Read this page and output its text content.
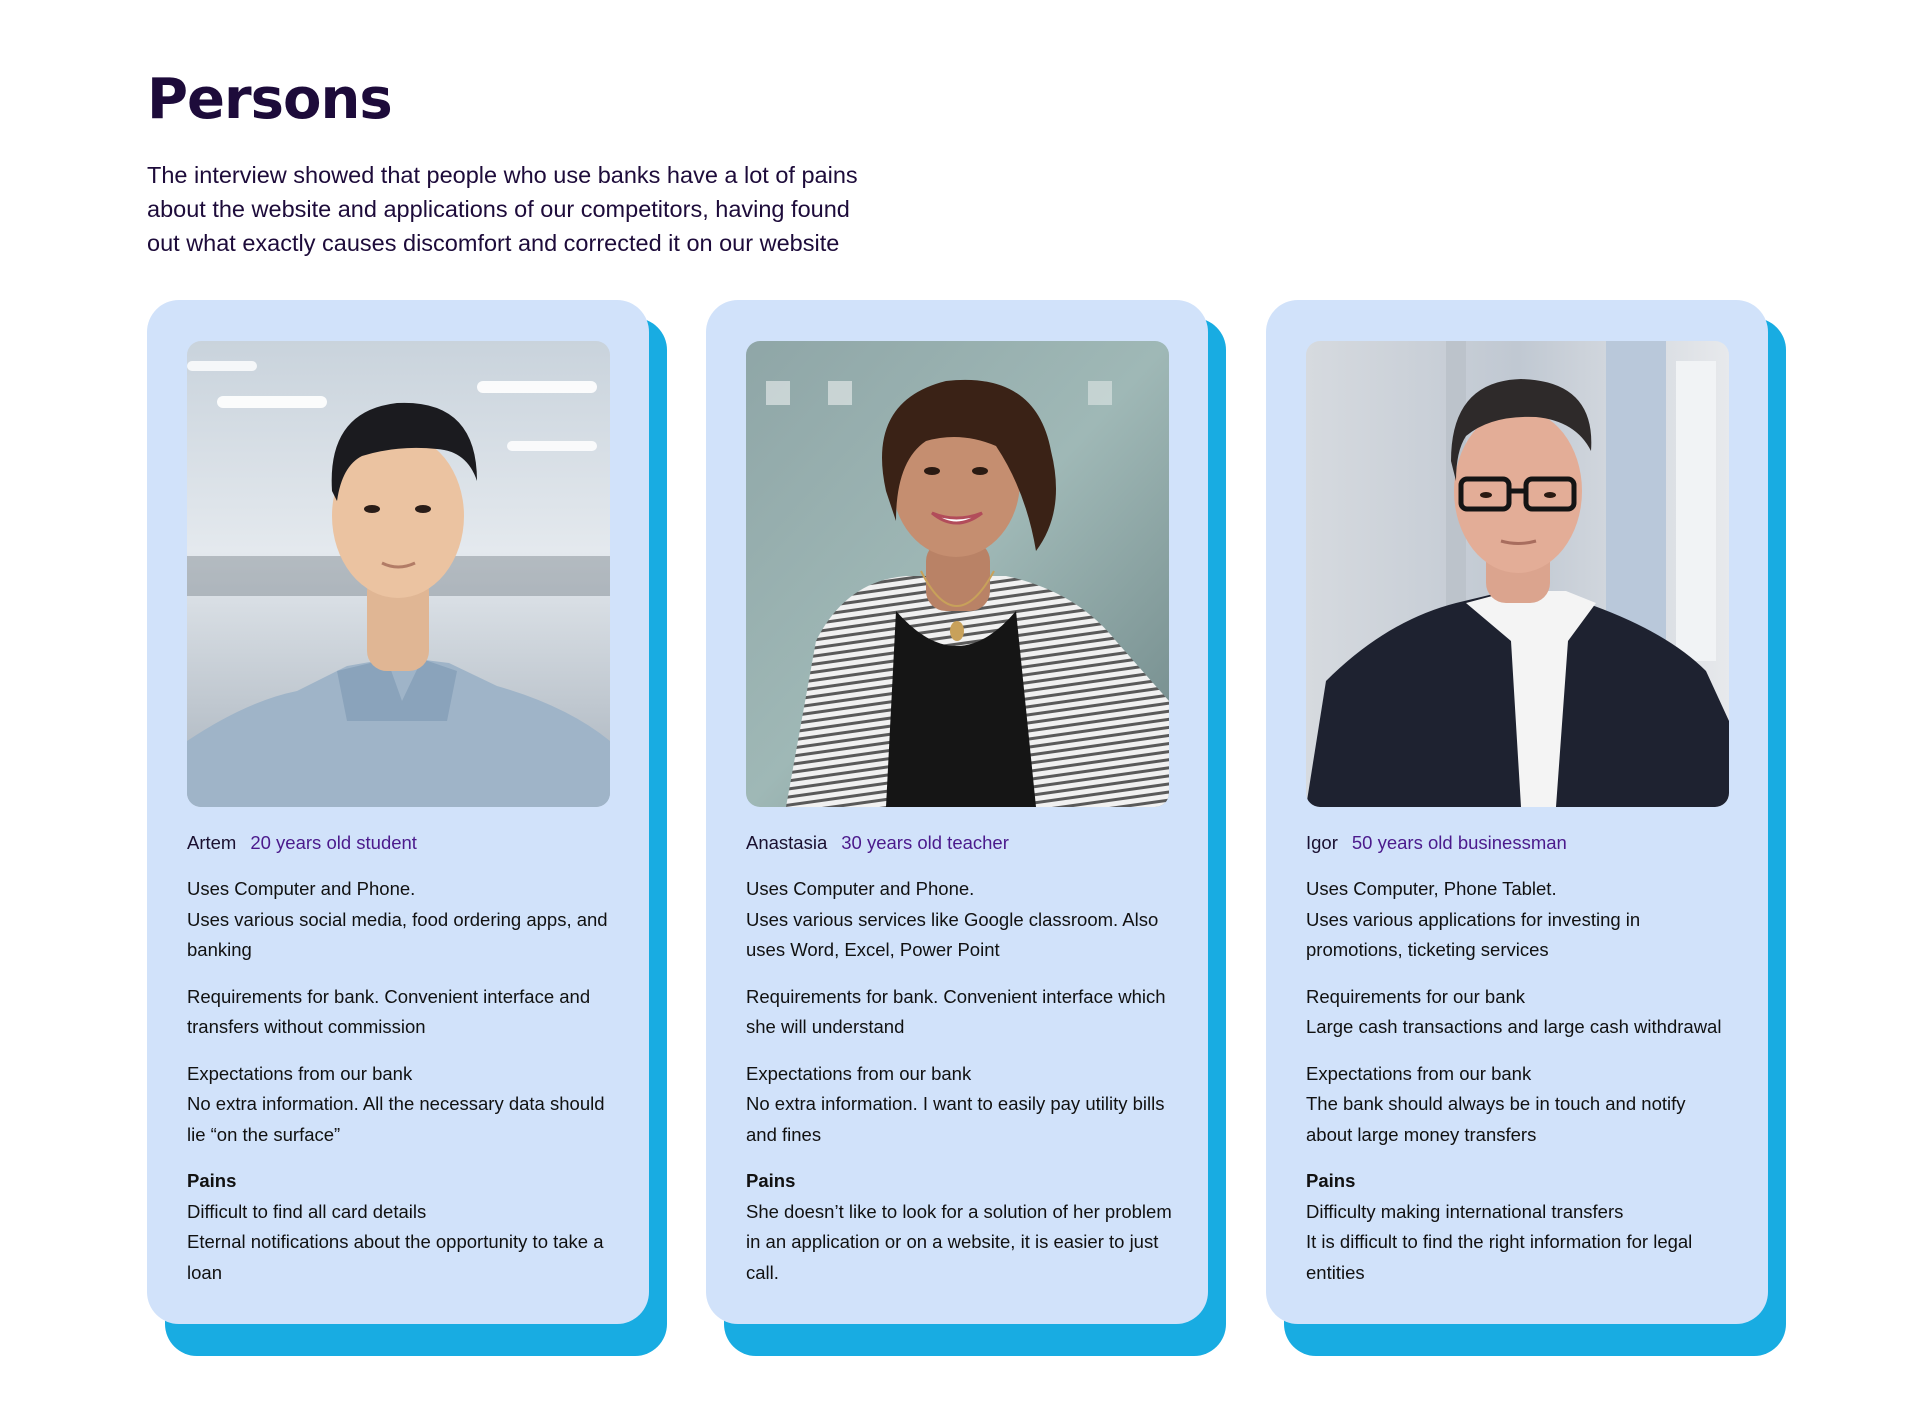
Persons

The interview showed that people who use banks have a lot of pains about the website and applications of our competitors, having found out what exactly causes discomfort and corrected it on our website

Artem 20 years old student

Uses Computer and Phone.

Uses various social media, food ordering apps, and banking

Requirements for bank. Convenient interface and transfers without commission

Expectations from our bank

No extra information. All the necessary data should lie “on the surface”

Pains

Difficult to find all card details

Eternal notifications about the opportunity to take a loan

Anastasia 30 years old teacher

Uses Computer and Phone.

Uses various services like Google classroom. Also uses Word, Excel, Power Point

Requirements for bank. Convenient interface which she will understand

Expectations from our bank

No extra information. I want to easily pay utility bills and fines

Pains

She doesn’t like to look for a solution of her problem in an application or on a website, it is easier to just call.

Igor 50 years old businessman

Uses Computer, Phone Tablet.

Uses various applications for investing in promotions, ticketing services

Requirements for our bank

Large cash transactions and large cash withdrawal

Expectations from our bank

The bank should always be in touch and notify about large money transfers

Pains

Difficulty making international transfers

It is difficult to find the right information for legal entities
